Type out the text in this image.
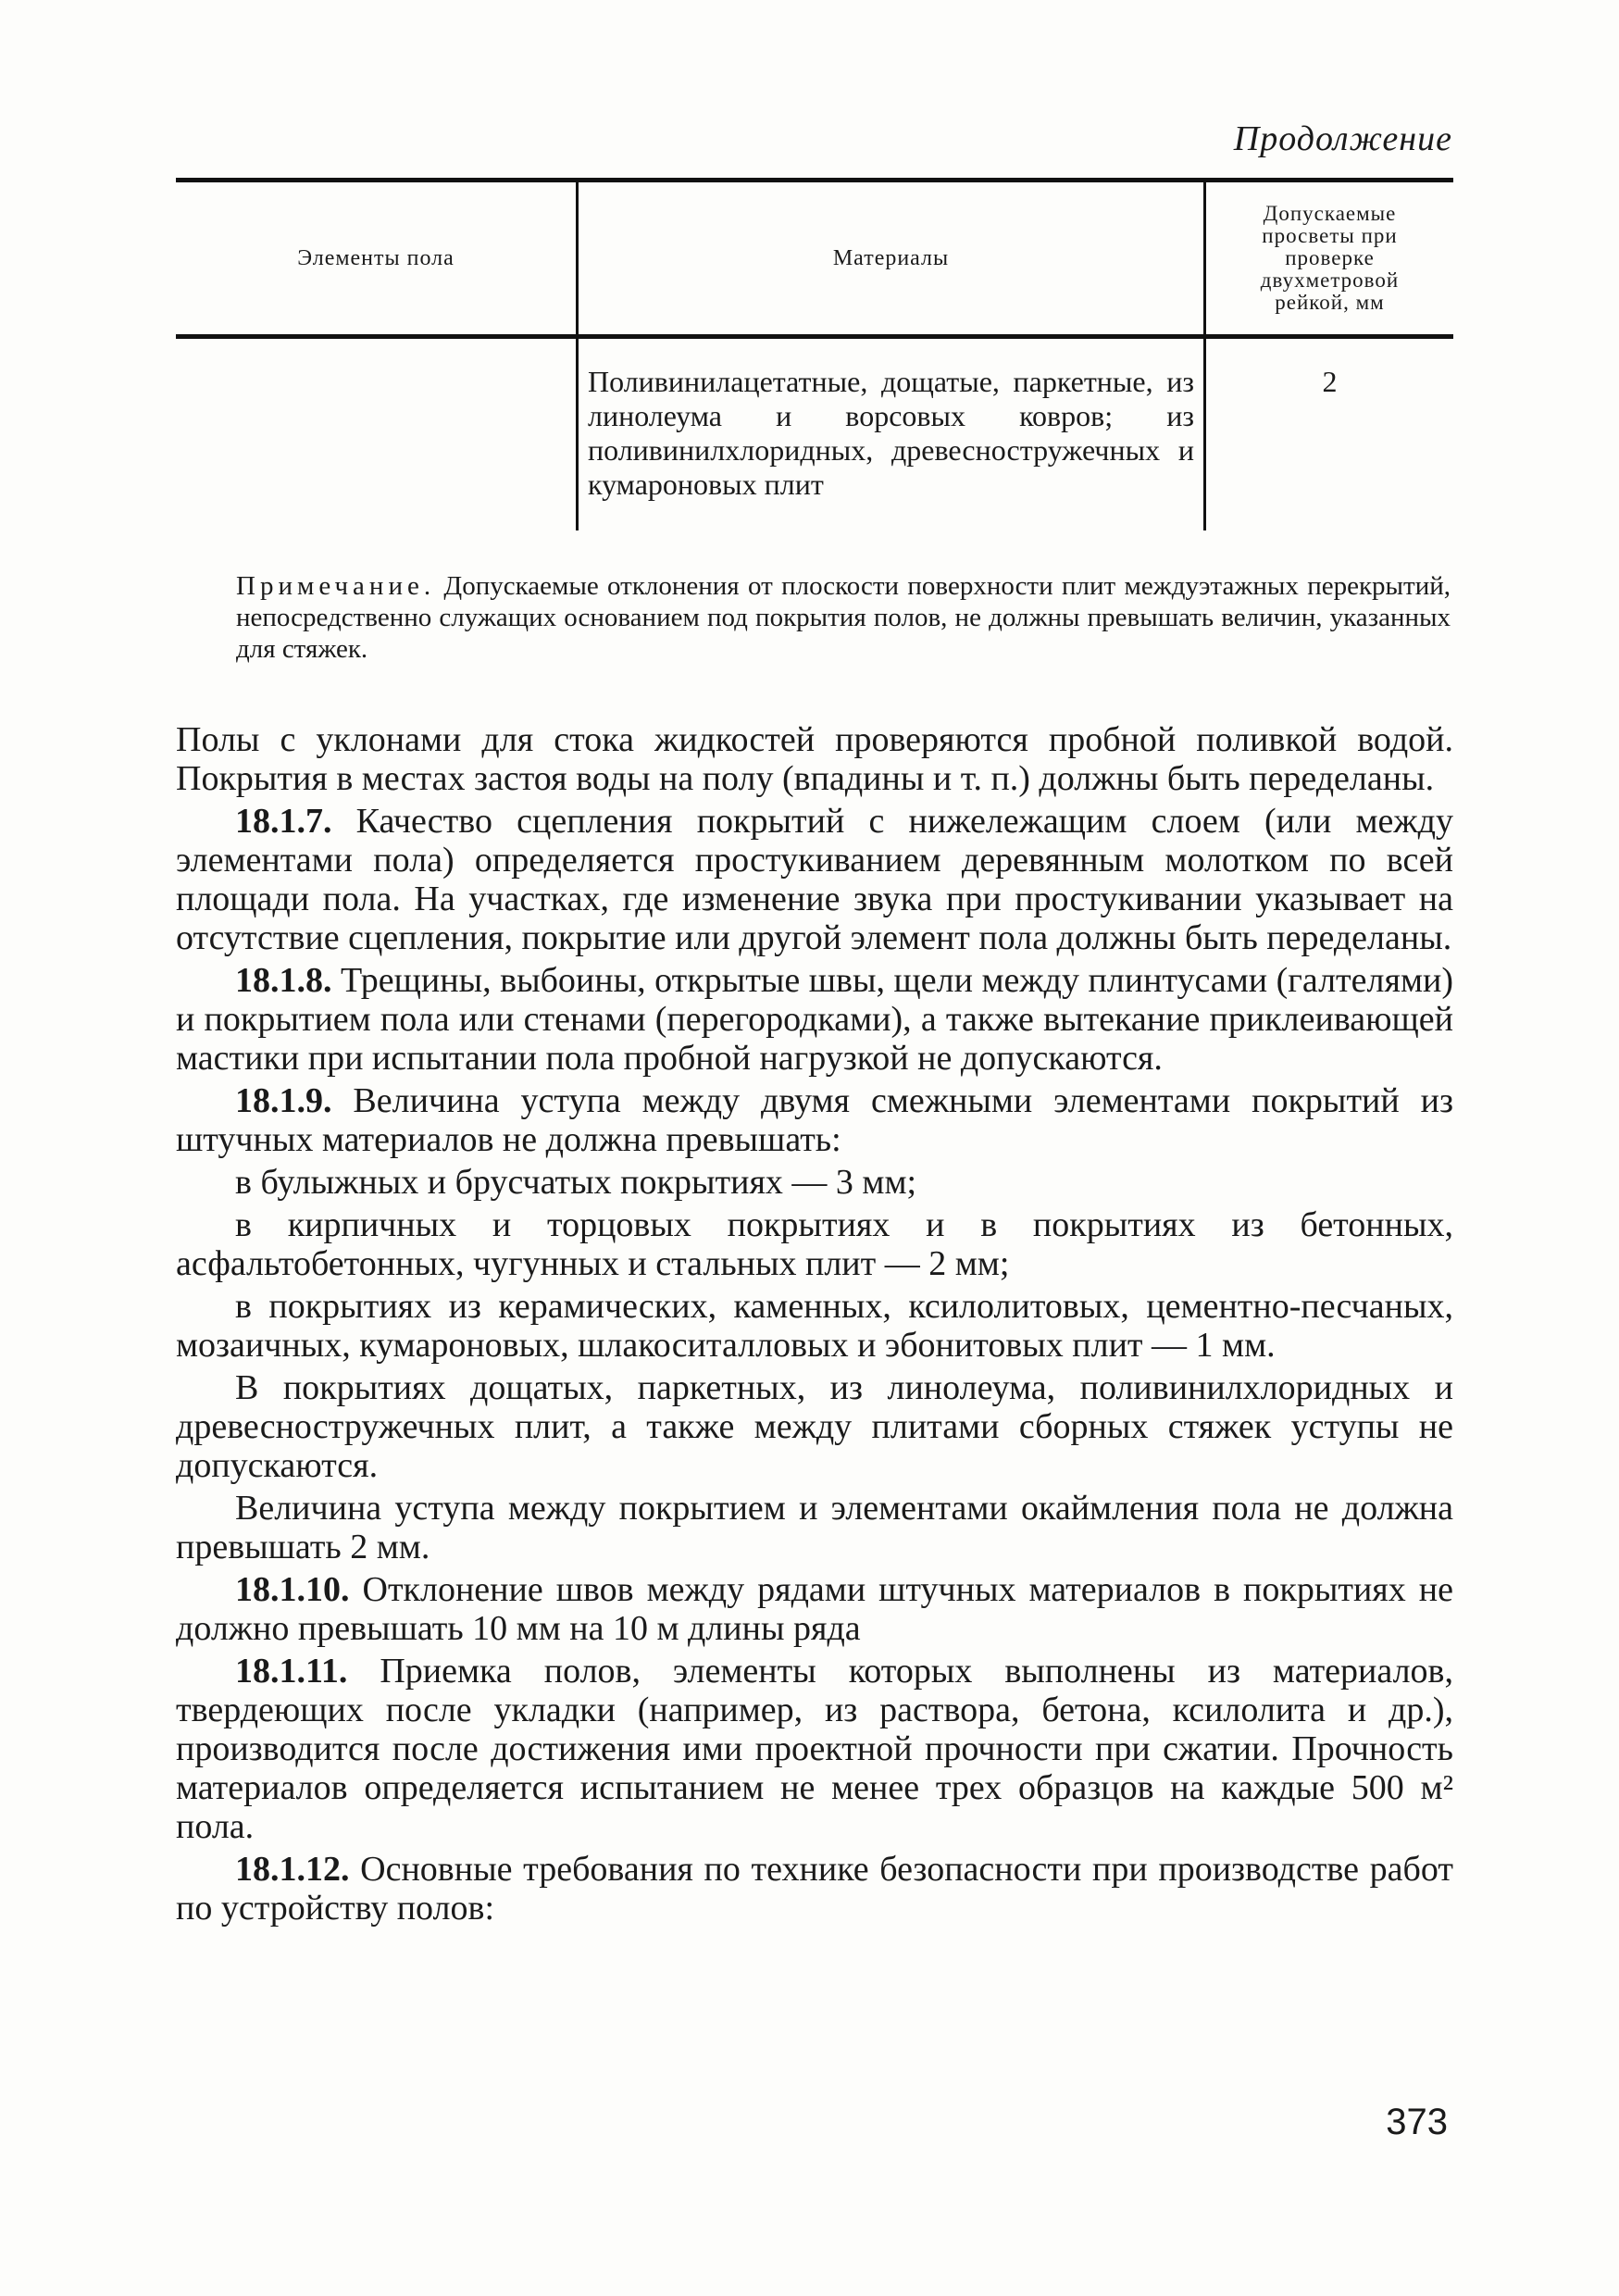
Продолжение
Элементы пола	Материалы	Допускаемые просветы при проверке двухметровой рейкой, мм
	Поливинилацетатные, дощатые, паркетные, из линолеума и ворсовых ковров; из поливинилхлоридных, древесностружечных и кумароновых плит	2
Примечание. Допускаемые отклонения от плоскости поверхности плит междуэтажных перекрытий, непосредственно служащих основанием под покрытия полов, не должны превышать величин, указанных для стяжек.

Полы с уклонами для стока жидкостей проверяются пробной поливкой водой. Покрытия в местах застоя воды на полу (впадины и т. п.) должны быть переделаны.

18.1.7. Качество сцепления покрытий с нижележащим слоем (или между элементами пола) определяется простукиванием деревянным молотком по всей площади пола. На участках, где изменение звука при простукивании указывает на отсутствие сцепления, покрытие или другой элемент пола должны быть переделаны.

18.1.8. Трещины, выбоины, открытые швы, щели между плинтусами (галтелями) и покрытием пола или стенами (перегородками), а также вытекание приклеивающей мастики при испытании пола пробной нагрузкой не допускаются.

18.1.9. Величина уступа между двумя смежными элементами покрытий из штучных материалов не должна превышать:

в булыжных и брусчатых покрытиях — 3 мм;

в кирпичных и торцовых покрытиях и в покрытиях из бетонных, асфальтобетонных, чугунных и стальных плит — 2 мм;

в покрытиях из керамических, каменных, ксилолитовых, цементно-песчаных, мозаичных, кумароновых, шлакоситалловых и эбонитовых плит — 1 мм.

В покрытиях дощатых, паркетных, из линолеума, поливинилхлоридных и древесностружечных плит, а также между плитами сборных стяжек уступы не допускаются.

Величина уступа между покрытием и элементами окаймления пола не должна превышать 2 мм.

18.1.10. Отклонение швов между рядами штучных материалов в покрытиях не должно превышать 10 мм на 10 м длины ряда

18.1.11. Приемка полов, элементы которых выполнены из материалов, твердеющих после укладки (например, из раствора, бетона, ксилолита и др.), производится после достижения ими проектной прочности при сжатии. Прочность материалов определяется испытанием не менее трех образцов на каждые 500 м² пола.

18.1.12. Основные требования по технике безопасности при производстве работ по устройству полов:

373
